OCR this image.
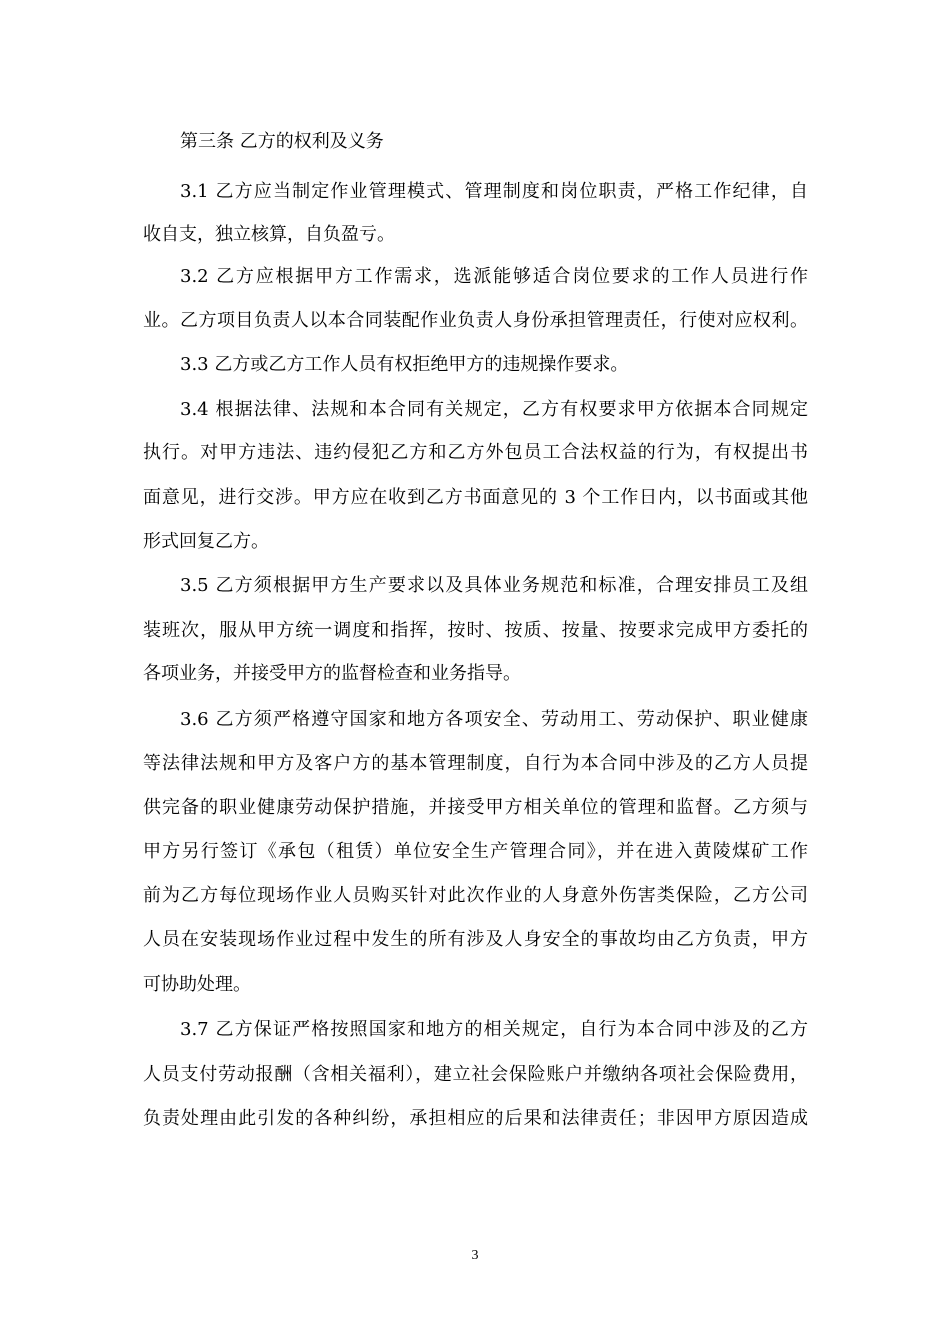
第三条 乙方的权利及义务
3.1 乙方应当制定作业管理模式、管理制度和岗位职责，严格工作纪律，自
收自支，独立核算，自负盈亏。
3.2 乙方应根据甲方工作需求，选派能够适合岗位要求的工作人员进行作
业。乙方项目负责人以本合同装配作业负责人身份承担管理责任，行使对应权利。
3.3 乙方或乙方工作人员有权拒绝甲方的违规操作要求。
3.4 根据法律、法规和本合同有关规定，乙方有权要求甲方依据本合同规定
执行。对甲方违法、违约侵犯乙方和乙方外包员工合法权益的行为，有权提出书
面意见，进行交涉。甲方应在收到乙方书面意见的 3 个工作日内，以书面或其他
形式回复乙方。
3.5 乙方须根据甲方生产要求以及具体业务规范和标准，合理安排员工及组
装班次，服从甲方统一调度和指挥，按时、按质、按量、按要求完成甲方委托的
各项业务，并接受甲方的监督检查和业务指导。
3.6 乙方须严格遵守国家和地方各项安全、劳动用工、劳动保护、职业健康
等法律法规和甲方及客户方的基本管理制度，自行为本合同中涉及的乙方人员提
供完备的职业健康劳动保护措施，并接受甲方相关单位的管理和监督。乙方须与
甲方另行签订《承包（租赁）单位安全生产管理合同》，并在进入黄陵煤矿工作
前为乙方每位现场作业人员购买针对此次作业的人身意外伤害类保险，乙方公司
人员在安装现场作业过程中发生的所有涉及人身安全的事故均由乙方负责，甲方
可协助处理。
3.7 乙方保证严格按照国家和地方的相关规定，自行为本合同中涉及的乙方
人员支付劳动报酬（含相关福利），建立社会保险账户并缴纳各项社会保险费用，
负责处理由此引发的各种纠纷，承担相应的后果和法律责任；非因甲方原因造成
3
